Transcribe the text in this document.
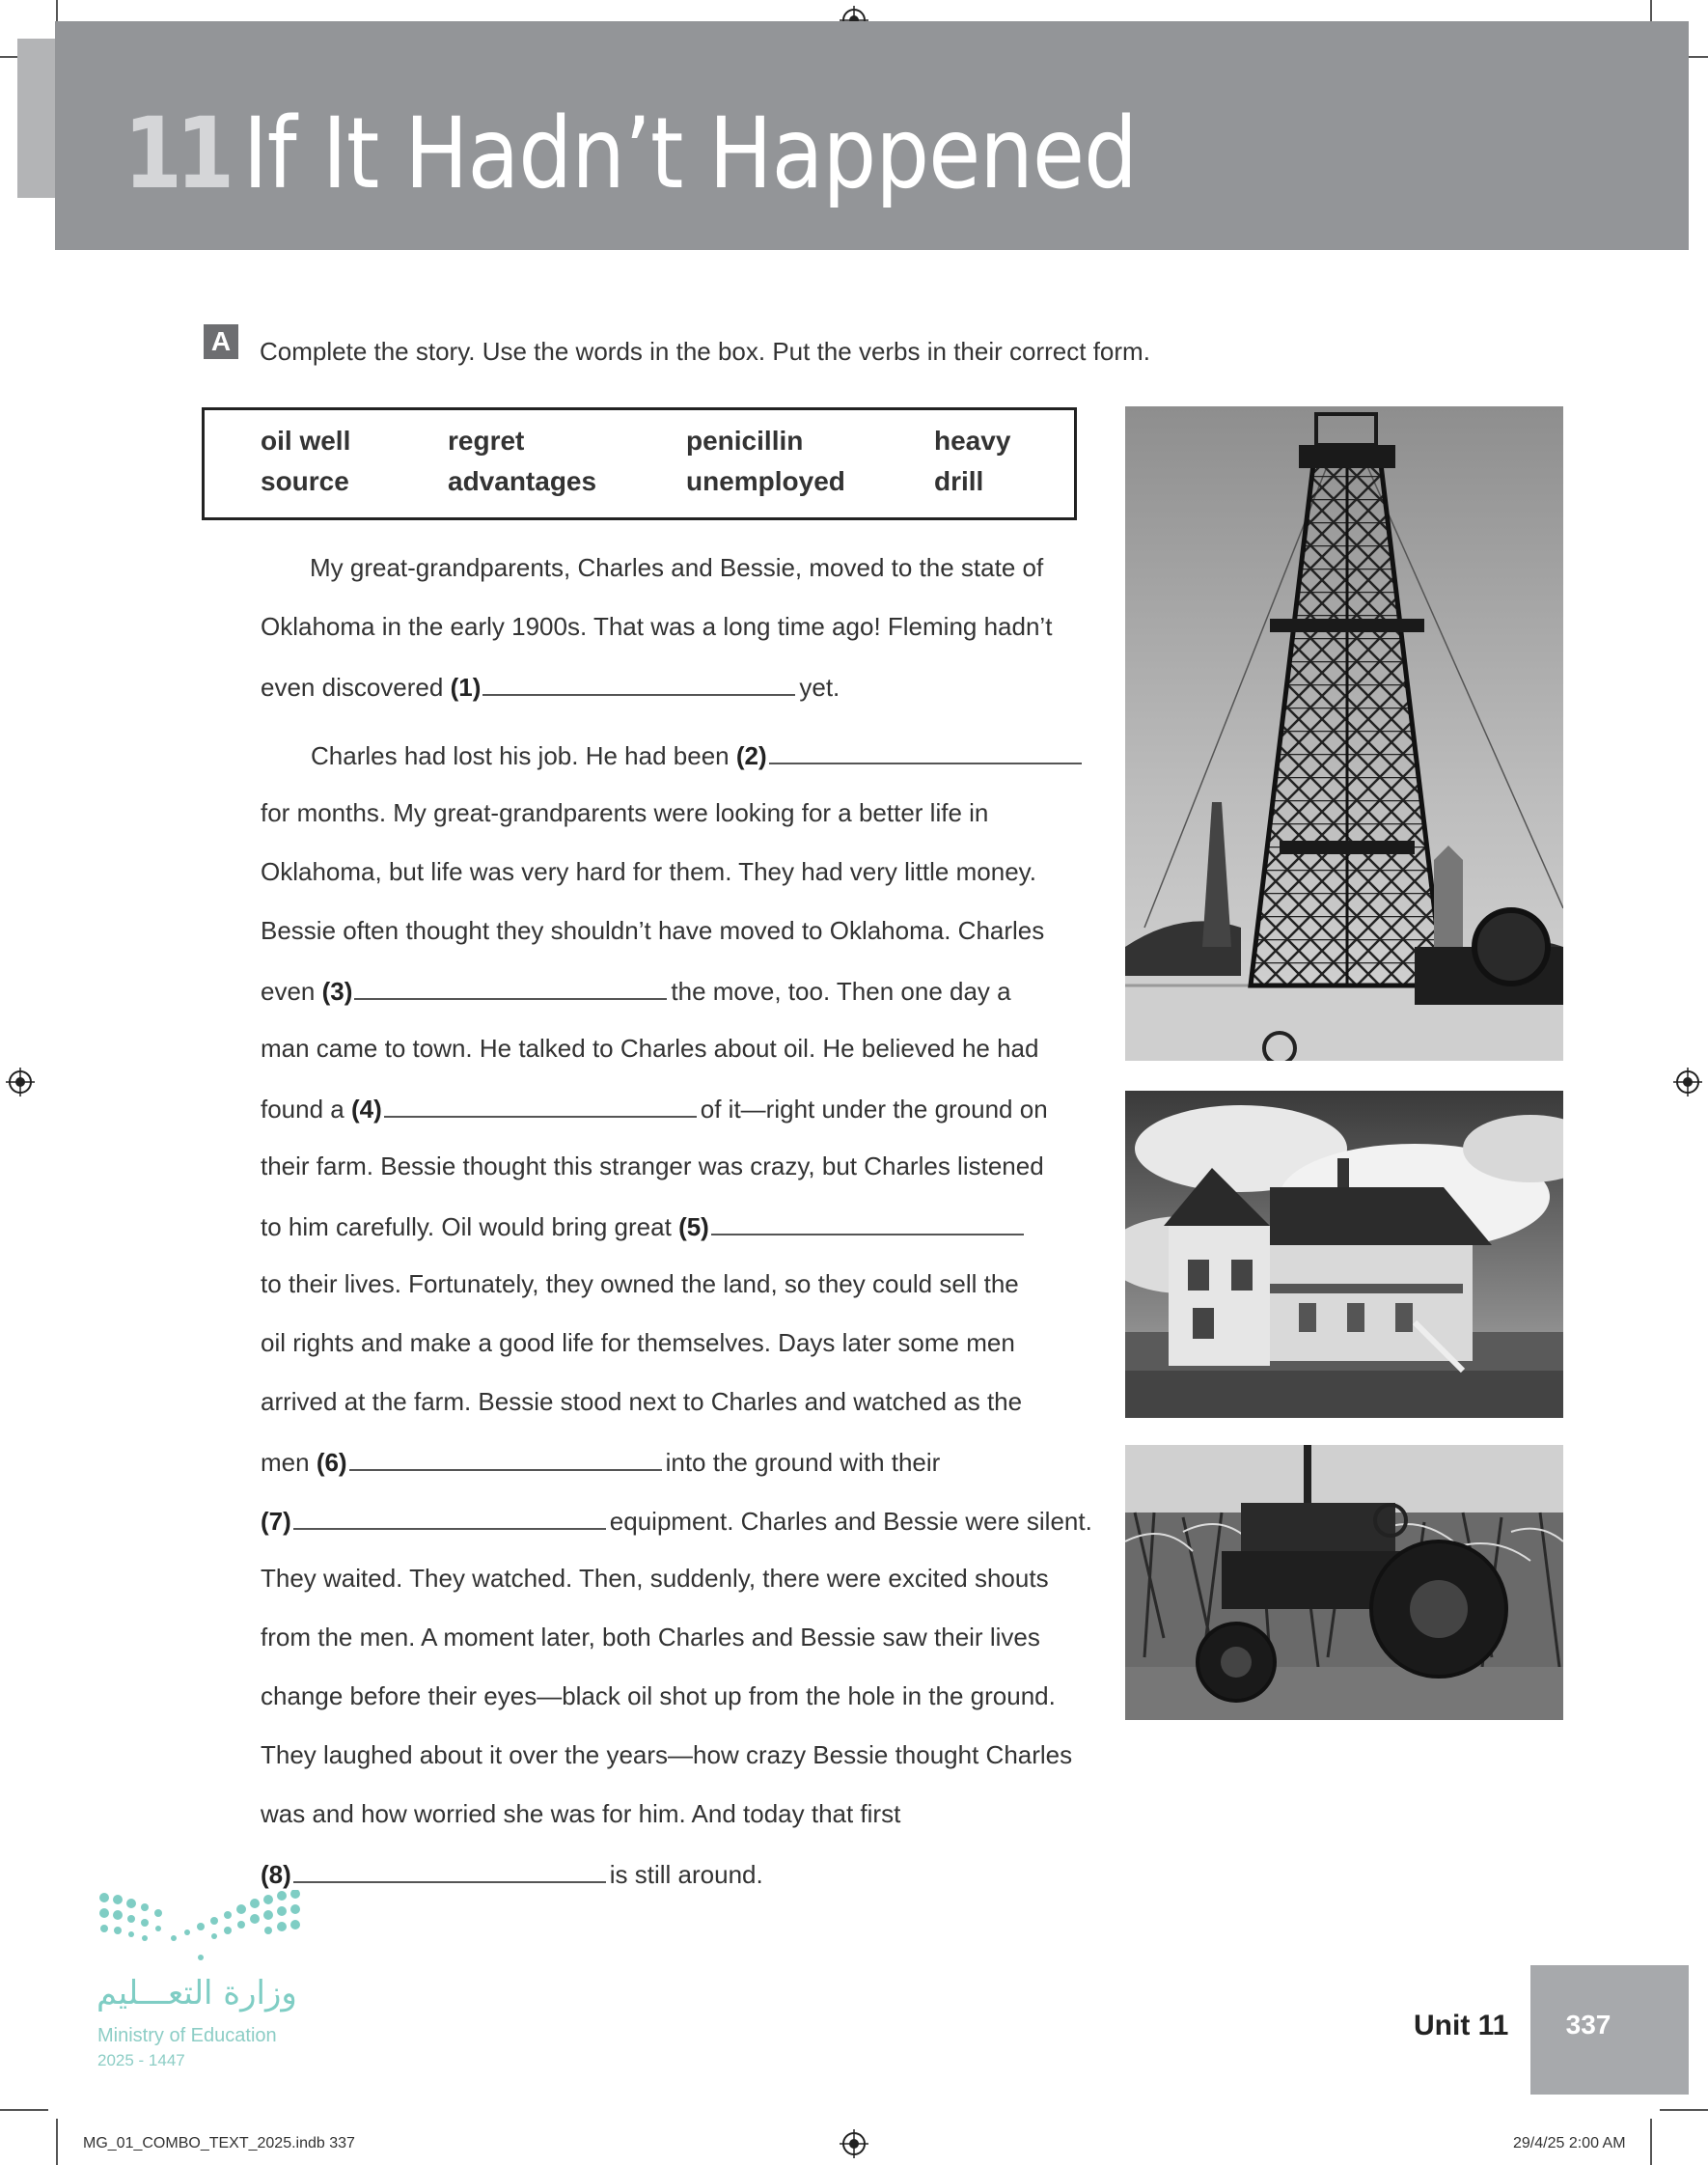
11 If It Hadn’t Happened
A	Complete the story. Use the words in the box. Put the verbs in their correct form.
oil well	regret	penicillin	heavy
source	advantages	unemployed	drill
My great-grandparents, Charles and Bessie, moved to the state of
Oklahoma in the early 1900s. That was a long time ago! Fleming hadn’t
even discovered (1)	yet.
Charles had lost his job. He had been (2)
for months. My great-grandparents were looking for a better life in
Oklahoma, but life was very hard for them. They had very little money.
Bessie often thought they shouldn’t have moved to Oklahoma. Charles
even (3)	the move, too. Then one day a
man came to town. He talked to Charles about oil. He believed he had
found a (4)	of it—right under the ground on
their farm. Bessie thought this stranger was crazy, but Charles listened
to him carefully. Oil would bring great (5)
to their lives. Fortunately, they owned the land, so they could sell the
oil rights and make a good life for themselves. Days later some men
arrived at the farm. Bessie stood next to Charles and watched as the
men (6)	into the ground with their
(7)	equipment. Charles and Bessie were silent.
They waited. They watched. Then, suddenly, there were excited shouts
from the men. A moment later, both Charles and Bessie saw their lives
change before their eyes—black oil shot up from the hole in the ground.
They laughed about it over the years—how crazy Bessie thought Charles
was and how worried she was for him. And today that first
(8)	is still around.
وزارة التعـــليم
Ministry of Education
2025 - 1447
337
Unit 11
MG_01_COMBO_TEXT_2025.indb 337	29/4/25 2:00 AM
